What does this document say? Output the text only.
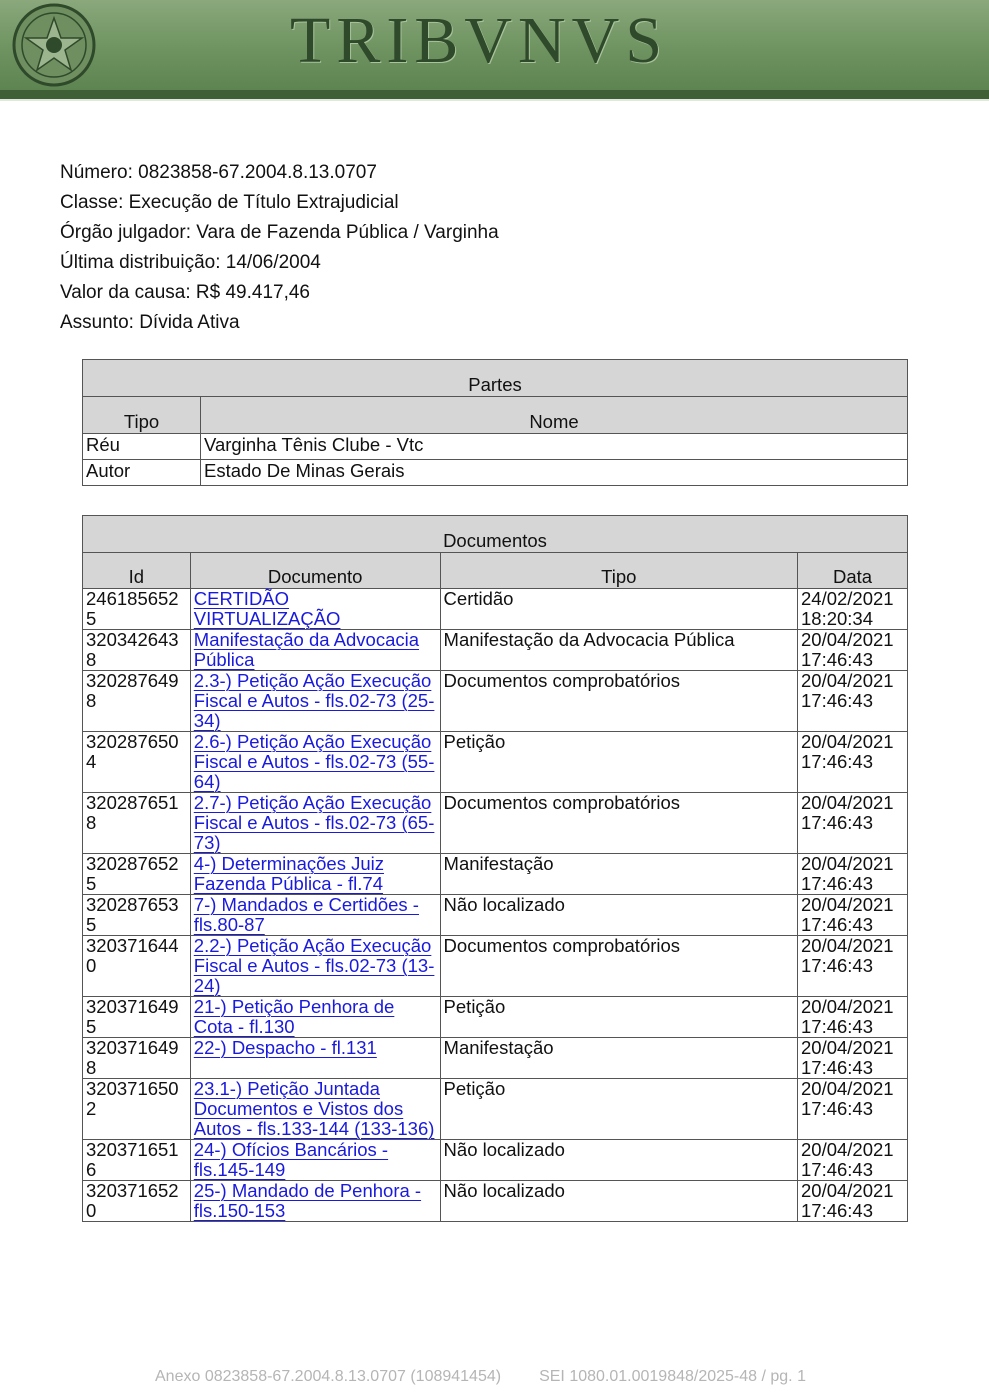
TRIBVNVS
Número: 0823858-67.2004.8.13.0707
Classe: Execução de Título Extrajudicial
Órgão julgador: Vara de Fazenda Pública / Varginha
Última distribuição: 14/06/2004
Valor da causa: R$ 49.417,46
Assunto: Dívida Ativa
Partes	
Tipo	Nome
Réu	Varginha Tênis Clube - Vtc
Autor	Estado De Minas Gerais
Documentos			
Id	Documento	Tipo	Data
2461856525	CERTIDÃO VIRTUALIZAÇÃO	Certidão	24/02/2021 18:20:34
3203426438	Manifestação da Advocacia Pública	Manifestação da Advocacia Pública	20/04/2021 17:46:43
3202876498	2.3-) Petição Ação Execução Fiscal e Autos - fls.02-73 (25-34)	Documentos comprobatórios	20/04/2021 17:46:43
3202876504	2.6-) Petição Ação Execução Fiscal e Autos - fls.02-73 (55-64)	Petição	20/04/2021 17:46:43
3202876518	2.7-) Petição Ação Execução Fiscal e Autos - fls.02-73 (65-73)	Documentos comprobatórios	20/04/2021 17:46:43
3202876525	4-) Determinações Juiz Fazenda Pública - fl.74	Manifestação	20/04/2021 17:46:43
3202876535	7-) Mandados e Certidões - fls.80-87	Não localizado	20/04/2021 17:46:43
3203716440	2.2-) Petição Ação Execução Fiscal e Autos - fls.02-73 (13-24)	Documentos comprobatórios	20/04/2021 17:46:43
3203716495	21-) Petição Penhora de Cota - fl.130	Petição	20/04/2021 17:46:43
3203716498	22-) Despacho - fl.131	Manifestação	20/04/2021 17:46:43
3203716502	23.1-) Petição Juntada Documentos e Vistos dos Autos - fls.133-144 (133-136)	Petição	20/04/2021 17:46:43
3203716516	24-) Ofícios Bancários - fls.145-149	Não localizado	20/04/2021 17:46:43
3203716520	25-) Mandado de Penhora - fls.150-153	Não localizado	20/04/2021 17:46:43
Anexo 0823858-67.2004.8.13.0707 (108941454) SEI 1080.01.0019848/2025-48 / pg. 1
